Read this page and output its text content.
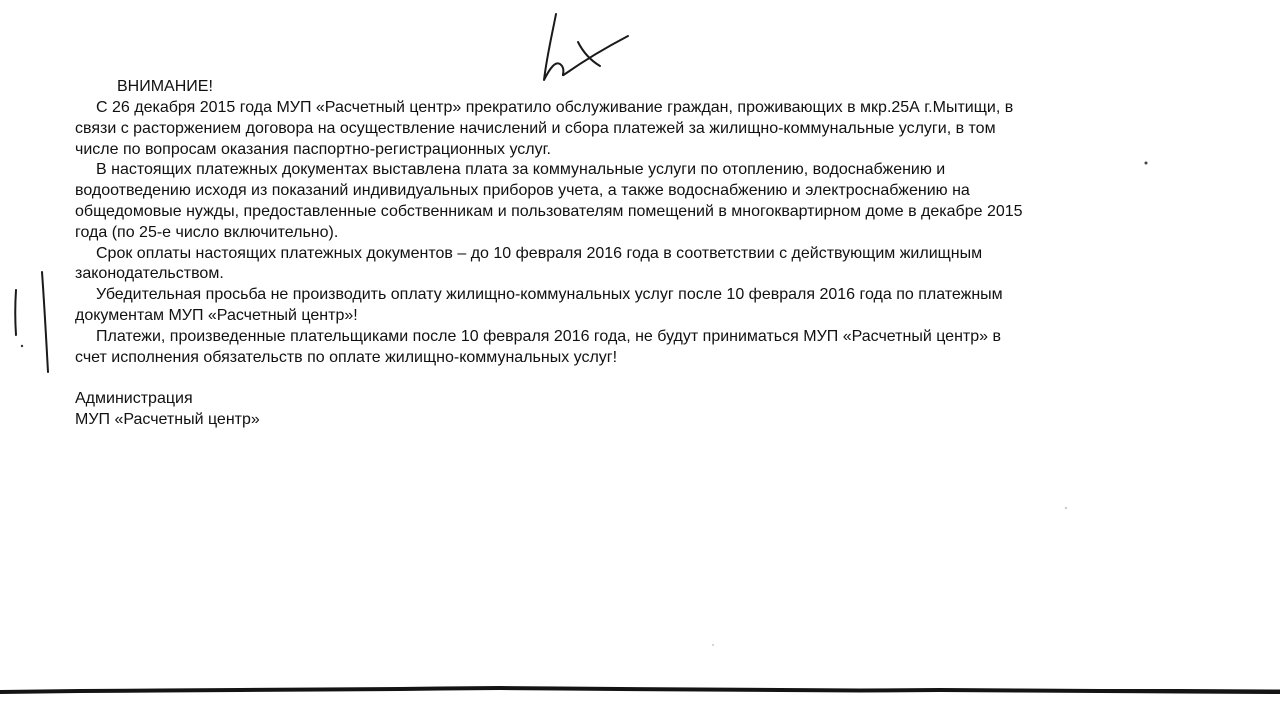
ВНИМАНИЕ!
С 26 декабря 2015 года МУП «Расчетный центр» прекратило обслуживание граждан, проживающих в мкр.25А г.Мытищи, в
связи с расторжением договора на осуществление начислений и сбора платежей за жилищно-коммунальные услуги, в том
числе по вопросам оказания паспортно-регистрационных услуг.
В настоящих платежных документах выставлена плата за коммунальные услуги по отоплению, водоснабжению и
водоотведению исходя из показаний индивидуальных приборов учета, а также водоснабжению и электроснабжению на
общедомовые нужды, предоставленные собственникам и пользователям помещений в многоквартирном доме в декабре 2015
года (по 25-е число включительно).
Срок оплаты настоящих платежных документов – до 10 февраля 2016 года в соответствии с действующим жилищным
законодательством.
Убедительная просьба не производить оплату жилищно-коммунальных услуг после 10 февраля 2016 года по платежным
документам МУП «Расчетный центр»!
Платежи, произведенные плательщиками после 10 февраля 2016 года, не будут приниматься МУП «Расчетный центр» в
счет исполнения обязательств по оплате жилищно-коммунальных услуг!
Администрация
МУП «Расчетный центр»
